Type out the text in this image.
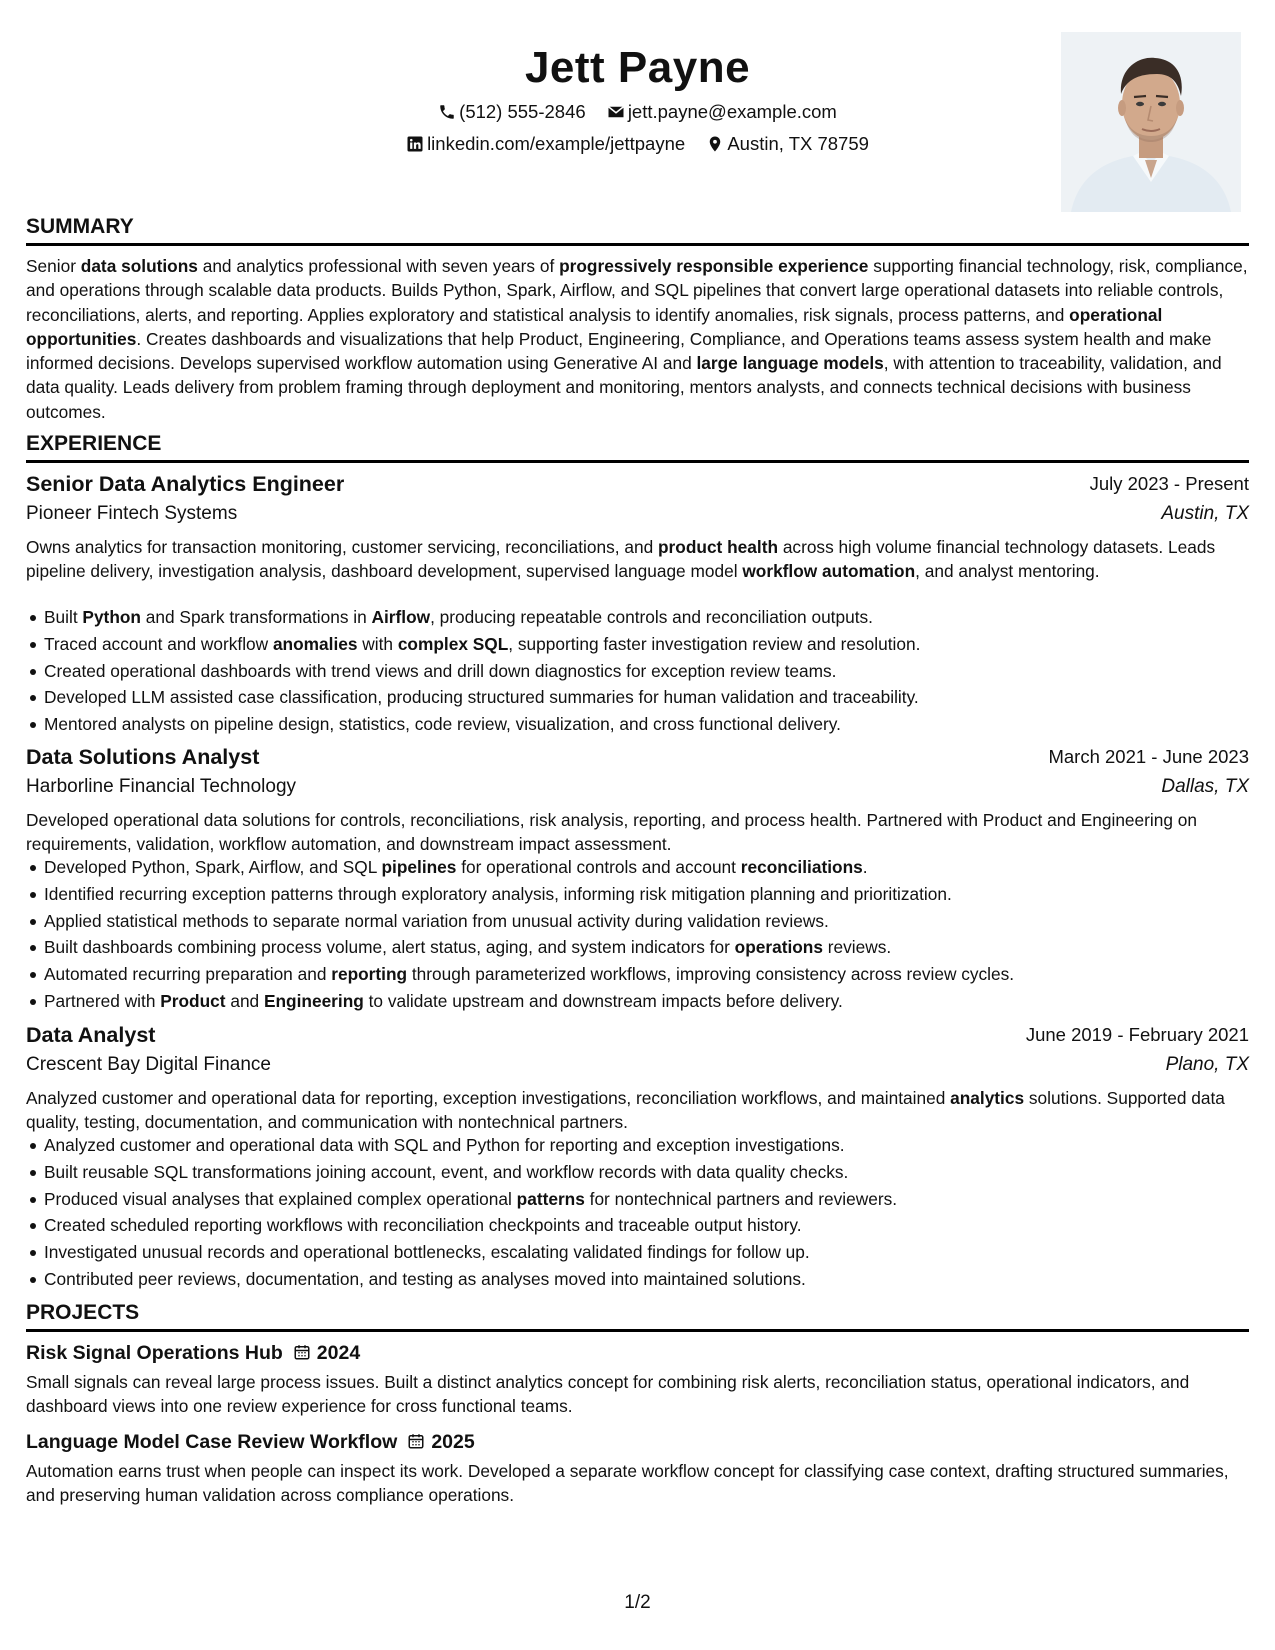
Jett Payne
(512) 555-2846 jett.payne@example.com
linkedin.com/example/jettpayne Austin, TX 78759
SUMMARY
Senior data solutions and analytics professional with seven years of progressively responsible experience supporting financial technology, risk, compliance, and operations through scalable data products. Builds Python, Spark, Airflow, and SQL pipelines that convert large operational datasets into reliable controls, reconciliations, alerts, and reporting. Applies exploratory and statistical analysis to identify anomalies, risk signals, process patterns, and operational opportunities. Creates dashboards and visualizations that help Product, Engineering, Compliance, and Operations teams assess system health and make informed decisions. Develops supervised workflow automation using Generative AI and large language models, with attention to traceability, validation, and data quality. Leads delivery from problem framing through deployment and monitoring, mentors analysts, and connects technical decisions with business outcomes.
EXPERIENCE
Senior Data Analytics Engineer	July 2023 - Present
Pioneer Fintech Systems	Austin, TX
Owns analytics for transaction monitoring, customer servicing, reconciliations, and product health across high volume financial technology datasets. Leads pipeline delivery, investigation analysis, dashboard development, supervised language model workflow automation, and analyst mentoring.
Built Python and Spark transformations in Airflow, producing repeatable controls and reconciliation outputs.
Traced account and workflow anomalies with complex SQL, supporting faster investigation review and resolution.
Created operational dashboards with trend views and drill down diagnostics for exception review teams.
Developed LLM assisted case classification, producing structured summaries for human validation and traceability.
Mentored analysts on pipeline design, statistics, code review, visualization, and cross functional delivery.
Data Solutions Analyst	March 2021 - June 2023
Harborline Financial Technology	Dallas, TX
Developed operational data solutions for controls, reconciliations, risk analysis, reporting, and process health. Partnered with Product and Engineering on requirements, validation, workflow automation, and downstream impact assessment.
Developed Python, Spark, Airflow, and SQL pipelines for operational controls and account reconciliations.
Identified recurring exception patterns through exploratory analysis, informing risk mitigation planning and prioritization.
Applied statistical methods to separate normal variation from unusual activity during validation reviews.
Built dashboards combining process volume, alert status, aging, and system indicators for operations reviews.
Automated recurring preparation and reporting through parameterized workflows, improving consistency across review cycles.
Partnered with Product and Engineering to validate upstream and downstream impacts before delivery.
Data Analyst	June 2019 - February 2021
Crescent Bay Digital Finance	Plano, TX
Analyzed customer and operational data for reporting, exception investigations, reconciliation workflows, and maintained analytics solutions. Supported data quality, testing, documentation, and communication with nontechnical partners.
Analyzed customer and operational data with SQL and Python for reporting and exception investigations.
Built reusable SQL transformations joining account, event, and workflow records with data quality checks.
Produced visual analyses that explained complex operational patterns for nontechnical partners and reviewers.
Created scheduled reporting workflows with reconciliation checkpoints and traceable output history.
Investigated unusual records and operational bottlenecks, escalating validated findings for follow up.
Contributed peer reviews, documentation, and testing as analyses moved into maintained solutions.
PROJECTS
Risk Signal Operations Hub 2024
Small signals can reveal large process issues. Built a distinct analytics concept for combining risk alerts, reconciliation status, operational indicators, and dashboard views into one review experience for cross functional teams.
Language Model Case Review Workflow 2025
Automation earns trust when people can inspect its work. Developed a separate workflow concept for classifying case context, drafting structured summaries, and preserving human validation across compliance operations.
1/2
